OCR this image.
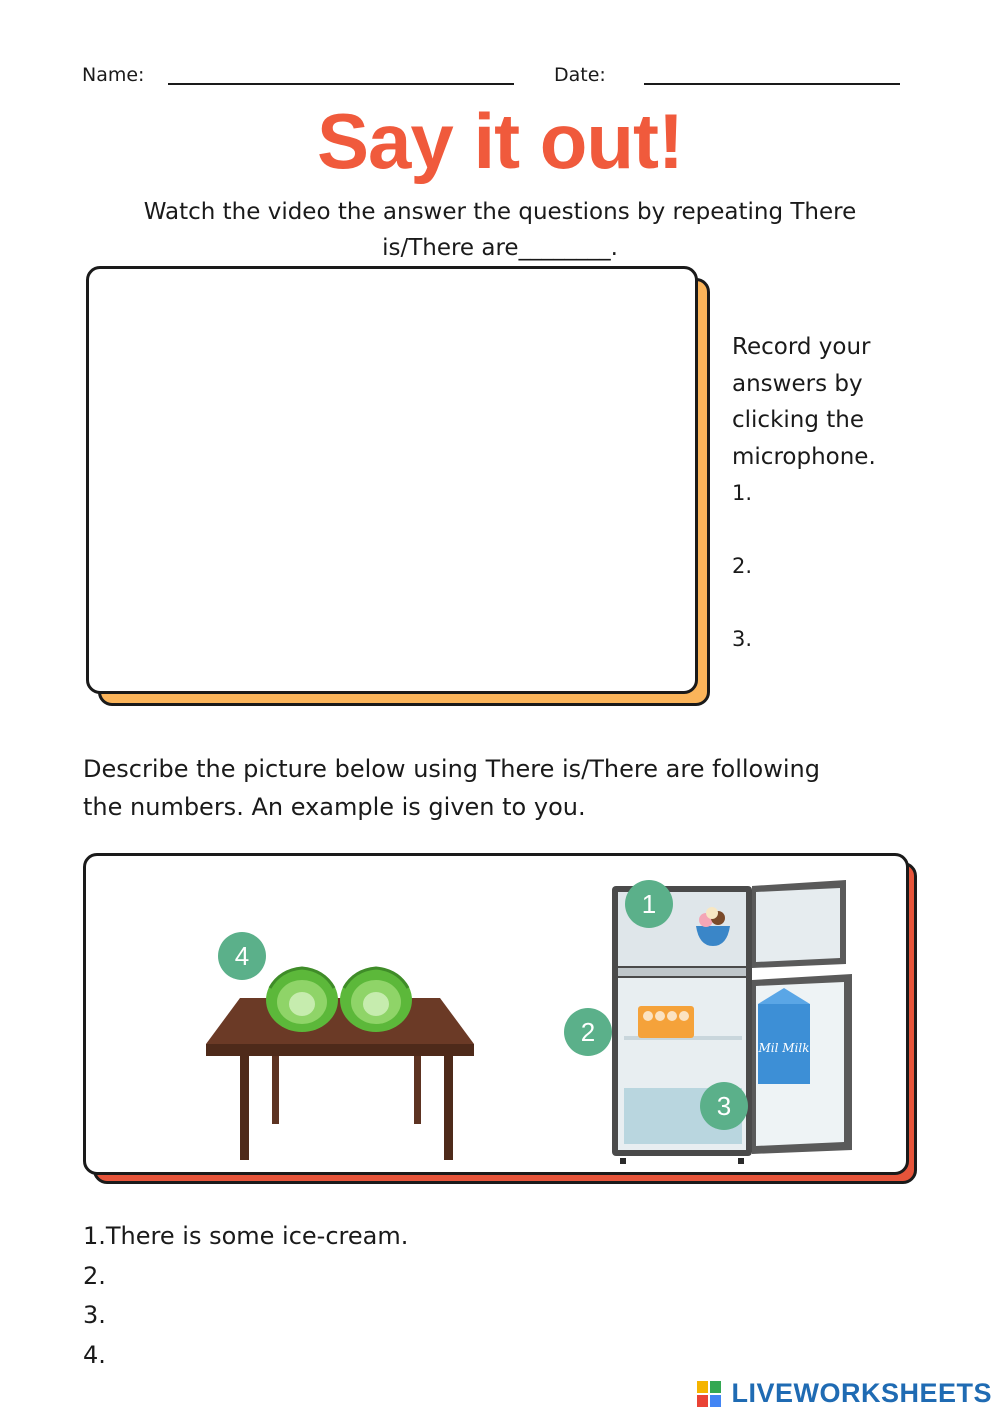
Name:	Date:
Say it out!
Watch the video the answer the questions by repeating There is/There are________.
Record your
answers by
clicking the
microphone.
1.
2.
3.
Describe the picture below using There is/There are following
the numbers. An example is given to you.
Mil Milk
1
2
3
4
1.There is some ice-cream.
2.
3.
4.
LIVEWORKSHEETS
